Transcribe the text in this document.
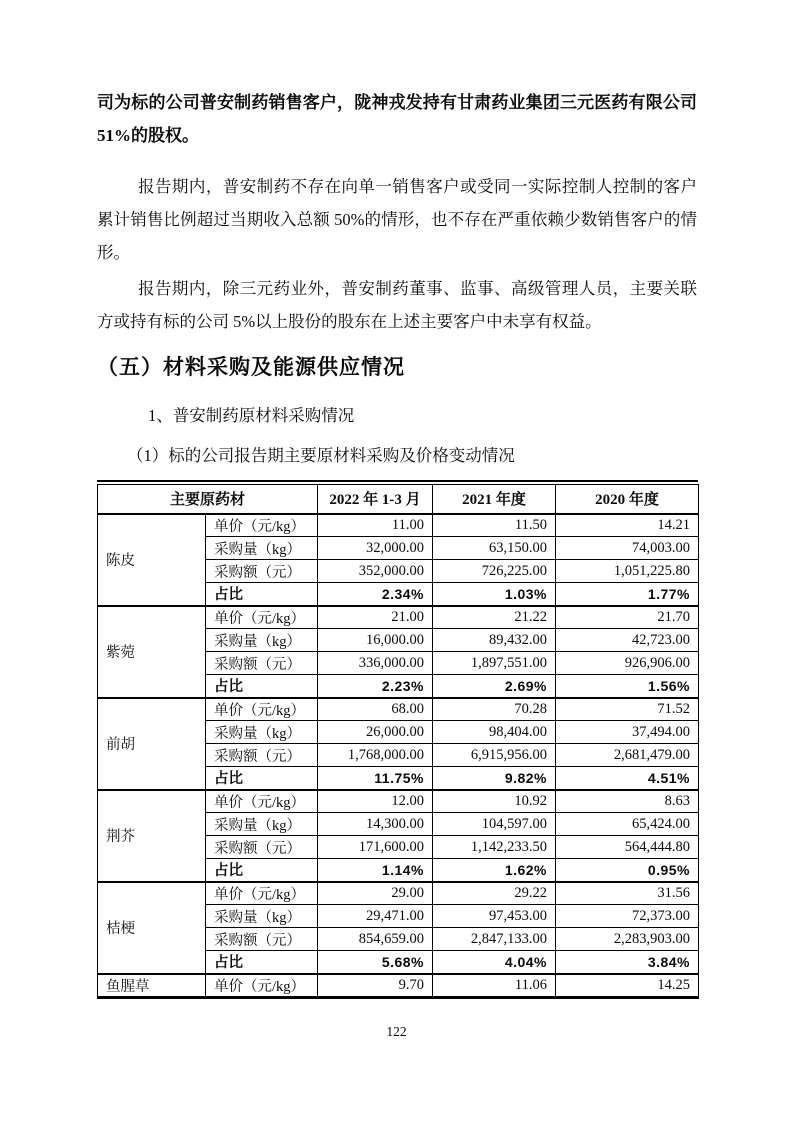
司为标的公司普安制药销售客户，陇神戎发持有甘肃药业集团三元医药有限公司 51%的股权。

报告期内，普安制药不存在向单一销售客户或受同一实际控制人控制的客户累计销售比例超过当期收入总额 50%的情形，也不存在严重依赖少数销售客户的情形。

报告期内，除三元药业外，普安制药董事、监事、高级管理人员，主要关联方或持有标的公司 5%以上股份的股东在上述主要客户中未享有权益。

（五）材料采购及能源供应情况

1、普安制药原材料采购情况

（1）标的公司报告期主要原材料采购及价格变动情况

主要原药材		2022 年 1-3 月	2021 年度	2020 年度
陈皮	单价（元/kg）	11.00	11.50	14.21
	采购量（kg）	32,000.00	63,150.00	74,003.00
	采购额（元）	352,000.00	726,225.00	1,051,225.80
	占比	2.34%	1.03%	1.77%
紫菀	单价（元/kg）	21.00	21.22	21.70
	采购量（kg）	16,000.00	89,432.00	42,723.00
	采购额（元）	336,000.00	1,897,551.00	926,906.00
	占比	2.23%	2.69%	1.56%
前胡	单价（元/kg）	68.00	70.28	71.52
	采购量（kg）	26,000.00	98,404.00	37,494.00
	采购额（元）	1,768,000.00	6,915,956.00	2,681,479.00
	占比	11.75%	9.82%	4.51%
荆芥	单价（元/kg）	12.00	10.92	8.63
	采购量（kg）	14,300.00	104,597.00	65,424.00
	采购额（元）	171,600.00	1,142,233.50	564,444.80
	占比	1.14%	1.62%	0.95%
桔梗	单价（元/kg）	29.00	29.22	31.56
	采购量（kg）	29,471.00	97,453.00	72,373.00
	采购额（元）	854,659.00	2,847,133.00	2,283,903.00
	占比	5.68%	4.04%	3.84%
鱼腥草	单价（元/kg）	9.70	11.06	14.25
122
